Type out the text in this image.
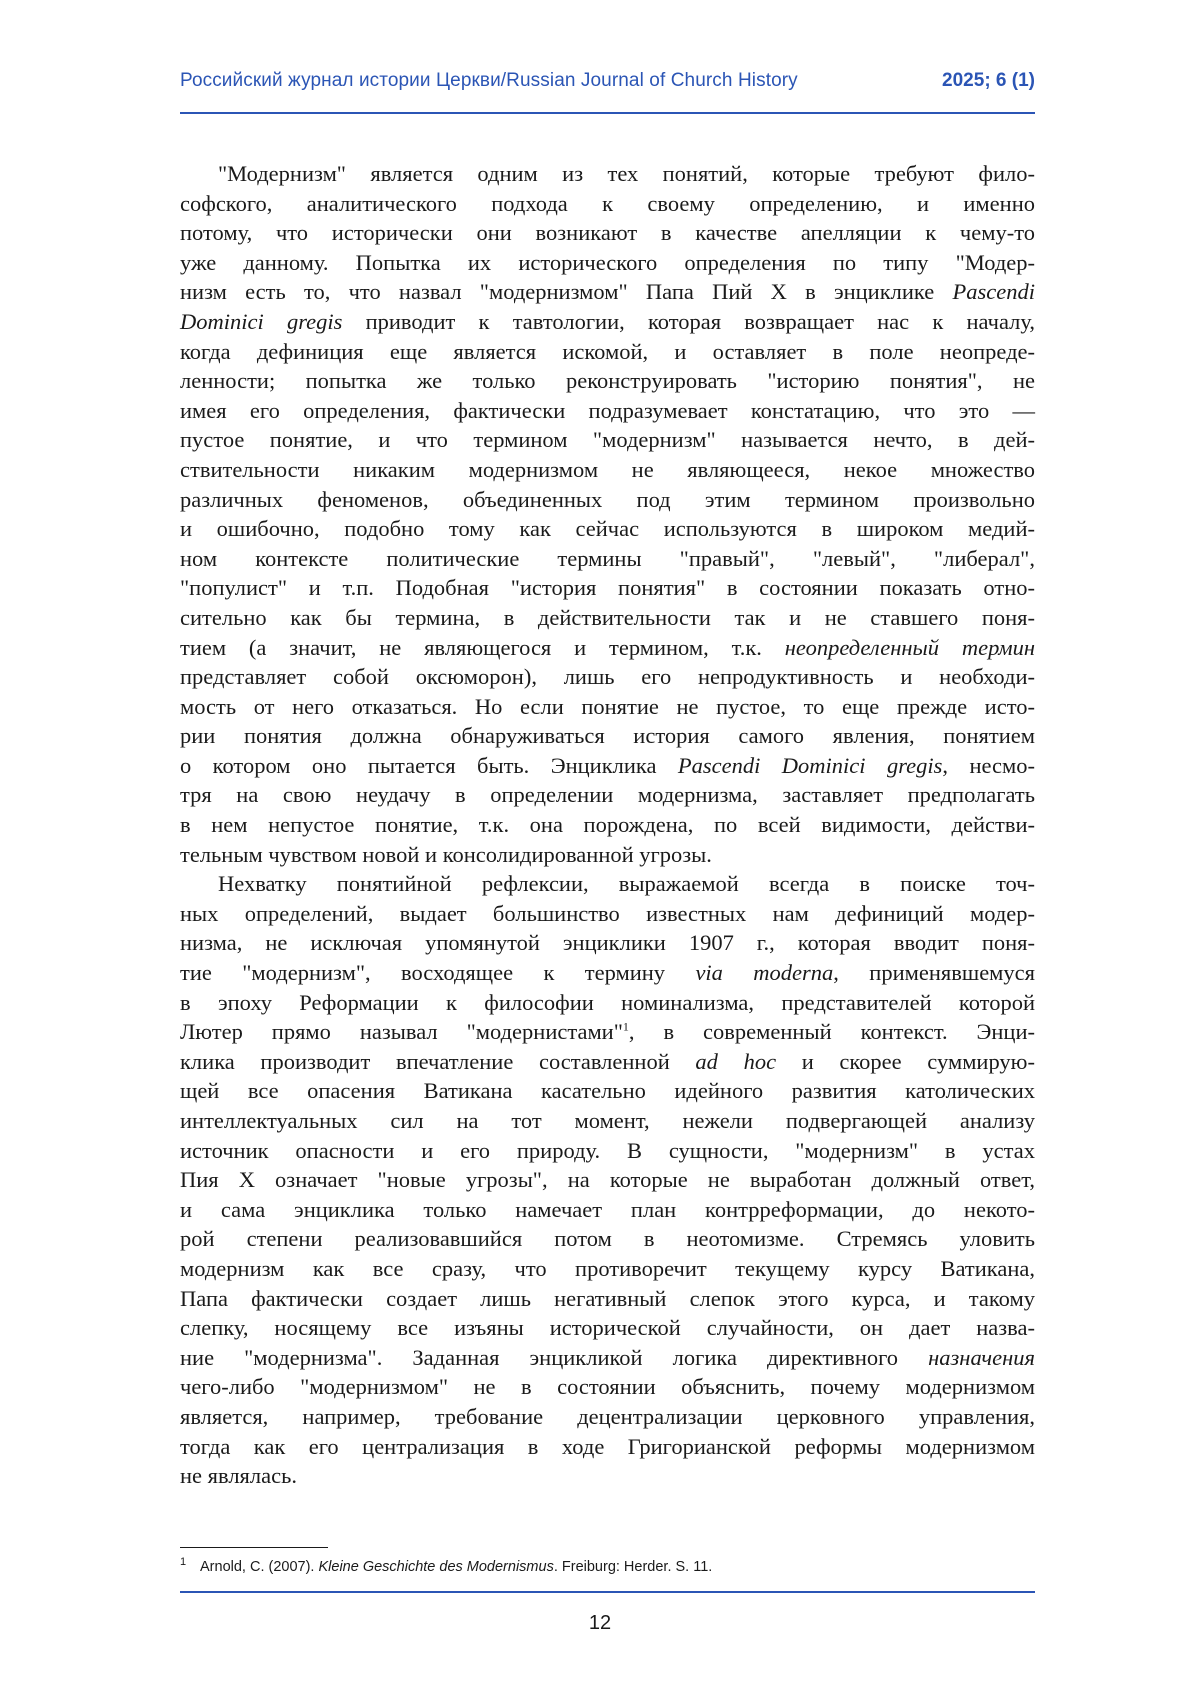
Российский журнал истории Церкви/Russian Journal of Church History	2025; 6 (1)
"Модернизм" является одним из тех понятий, которые требуют фило-
софского, аналитического подхода к своему определению, и именно
потому, что исторически они возникают в качестве апелляции к чему-то
уже данному. Попытка их исторического определения по типу "Модер-
низм есть то, что назвал "модернизмом" Папа Пий Х в энциклике Pascendi
Dominici gregis приводит к тавтологии, которая возвращает нас к началу,
когда дефиниция еще является искомой, и оставляет в поле неопреде-
ленности; попытка же только реконструировать "историю понятия", не
имея его определения, фактически подразумевает констатацию, что это —
пустое понятие, и что термином "модернизм" называется нечто, в дей-
ствительности никаким модернизмом не являющееся, некое множество
различных феноменов, объединенных под этим термином произвольно
и ошибочно, подобно тому как сейчас используются в широком медий-
ном контексте политические термины "правый", "левый", "либерал",
"популист" и т.п. Подобная "история понятия" в состоянии показать отно-
сительно как бы термина, в действительности так и не ставшего поня-
тием (а значит, не являющегося и термином, т.к. неопределенный термин
представляет собой оксюморон), лишь его непродуктивность и необходи-
мость от него отказаться. Но если понятие не пустое, то еще прежде исто-
рии понятия должна обнаруживаться история самого явления, понятием
о котором оно пытается быть. Энциклика Pascendi Dominici gregis, несмо-
тря на свою неудачу в определении модернизма, заставляет предполагать
в нем непустое понятие, т.к. она порождена, по всей видимости, действи-
тельным чувством новой и консолидированной угрозы.
Нехватку понятийной рефлексии, выражаемой всегда в поиске точ-
ных определений, выдает большинство известных нам дефиниций модер-
низма, не исключая упомянутой энциклики 1907 г., которая вводит поня-
тие "модернизм", восходящее к термину via moderna, применявшемуся
в эпоху Реформации к философии номинализма, представителей которой
Лютер прямо называл "модернистами"$^1$, в современный контекст. Энци-
клика производит впечатление составленной ad hoc и скорее суммирую-
щей все опасения Ватикана касательно идейного развития католических
интеллектуальных сил на тот момент, нежели подвергающей анализу
источник опасности и его природу. В сущности, "модернизм" в устах
Пия Х означает "новые угрозы", на которые не выработан должный ответ,
и сама энциклика только намечает план контрреформации, до некото-
рой степени реализовавшийся потом в неотомизме. Стремясь уловить
модернизм как все сразу, что противоречит текущему курсу Ватикана,
Папа фактически создает лишь негативный слепок этого курса, и такому
слепку, носящему все изъяны исторической случайности, он дает назва-
ние "модернизма". Заданная энцикликой логика директивного назначения
чего-либо "модернизмом" не в состоянии объяснить, почему модернизмом
является, например, требование децентрализации церковного управления,
тогда как его централизация в ходе Григорианской реформы модернизмом
не являлась.
1 Arnold, C. (2007). Kleine Geschichte des Modernismus. Freiburg: Herder. S. 11.
12
